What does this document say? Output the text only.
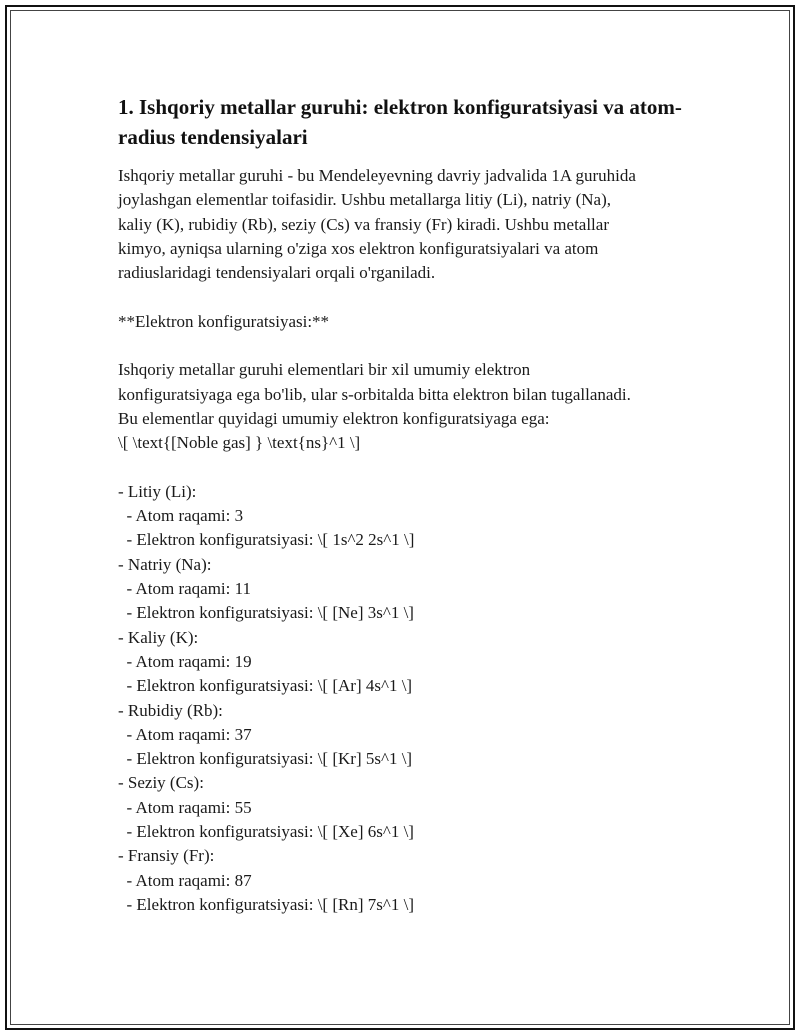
1. Ishqoriy metallar guruhi: elektron konfiguratsiyasi va atom-radius tendensiyalari

Ishqoriy metallar guruhi - bu Mendeleyevning davriy jadvalida 1A guruhida

joylashgan elementlar toifasidir. Ushbu metallarga litiy (Li), natriy (Na),

kaliy (K), rubidiy (Rb), seziy (Cs) va fransiy (Fr) kiradi. Ushbu metallar

kimyo, ayniqsa ularning o'ziga xos elektron konfiguratsiyalari va atom

radiuslaridagi tendensiyalari orqali o'rganiladi.

**Elektron konfiguratsiyasi:**

Ishqoriy metallar guruhi elementlari bir xil umumiy elektron

konfiguratsiyaga ega bo'lib, ular s-orbitalda bitta elektron bilan tugallanadi.

Bu elementlar quyidagi umumiy elektron konfiguratsiyaga ega:

\[ \text{[Noble gas] } \text{ns}^1 \]

- Litiy (Li):

- Atom raqami: 3

- Elektron konfiguratsiyasi: \[ 1s^2 2s^1 \]

- Natriy (Na):

- Atom raqami: 11

- Elektron konfiguratsiyasi: \[ [Ne] 3s^1 \]

- Kaliy (K):

- Atom raqami: 19

- Elektron konfiguratsiyasi: \[ [Ar] 4s^1 \]

- Rubidiy (Rb):

- Atom raqami: 37

- Elektron konfiguratsiyasi: \[ [Kr] 5s^1 \]

- Seziy (Cs):

- Atom raqami: 55

- Elektron konfiguratsiyasi: \[ [Xe] 6s^1 \]

- Fransiy (Fr):

- Atom raqami: 87

- Elektron konfiguratsiyasi: \[ [Rn] 7s^1 \]
